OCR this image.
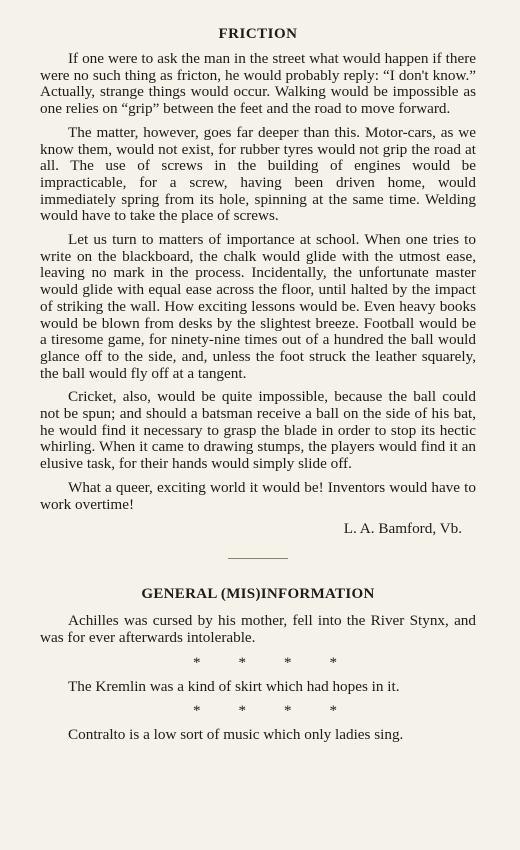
FRICTION

If one were to ask the man in the street what would happen if there were no such thing as fricton, he would probably reply: “I don't know.” Actually, strange things would occur. Walking would be impossible as one relies on “grip” between the feet and the road to move forward.

The matter, however, goes far deeper than this. Motor-cars, as we know them, would not exist, for rubber tyres would not grip the road at all. The use of screws in the building of engines would be impracticable, for a screw, having been driven home, would immediately spring from its hole, spinning at the same time. Welding would have to take the place of screws.

Let us turn to matters of importance at school. When one tries to write on the blackboard, the chalk would glide with the utmost ease, leaving no mark in the process. Incidentally, the unfortunate master would glide with equal ease across the floor, until halted by the impact of striking the wall. How exciting lessons would be. Even heavy books would be blown from desks by the slightest breeze. Football would be a tiresome game, for ninety-nine times out of a hundred the ball would glance off to the side, and, unless the foot struck the leather squarely, the ball would fly off at a tangent.

Cricket, also, would be quite impossible, because the ball could not be spun; and should a batsman receive a ball on the side of his bat, he would find it necessary to grasp the blade in order to stop its hectic whirling. When it came to drawing stumps, the players would find it an elusive task, for their hands would simply slide off.

What a queer, exciting world it would be! Inventors would have to work overtime!

L. A. Bamford, Vb.
GENERAL (MIS)INFORMATION

Achilles was cursed by his mother, fell into the River Stynx, and was for ever afterwards intolerable.

*	*	*	*

The Kremlin was a kind of skirt which had hopes in it.

*	*	*	*

Contralto is a low sort of music which only ladies sing.
